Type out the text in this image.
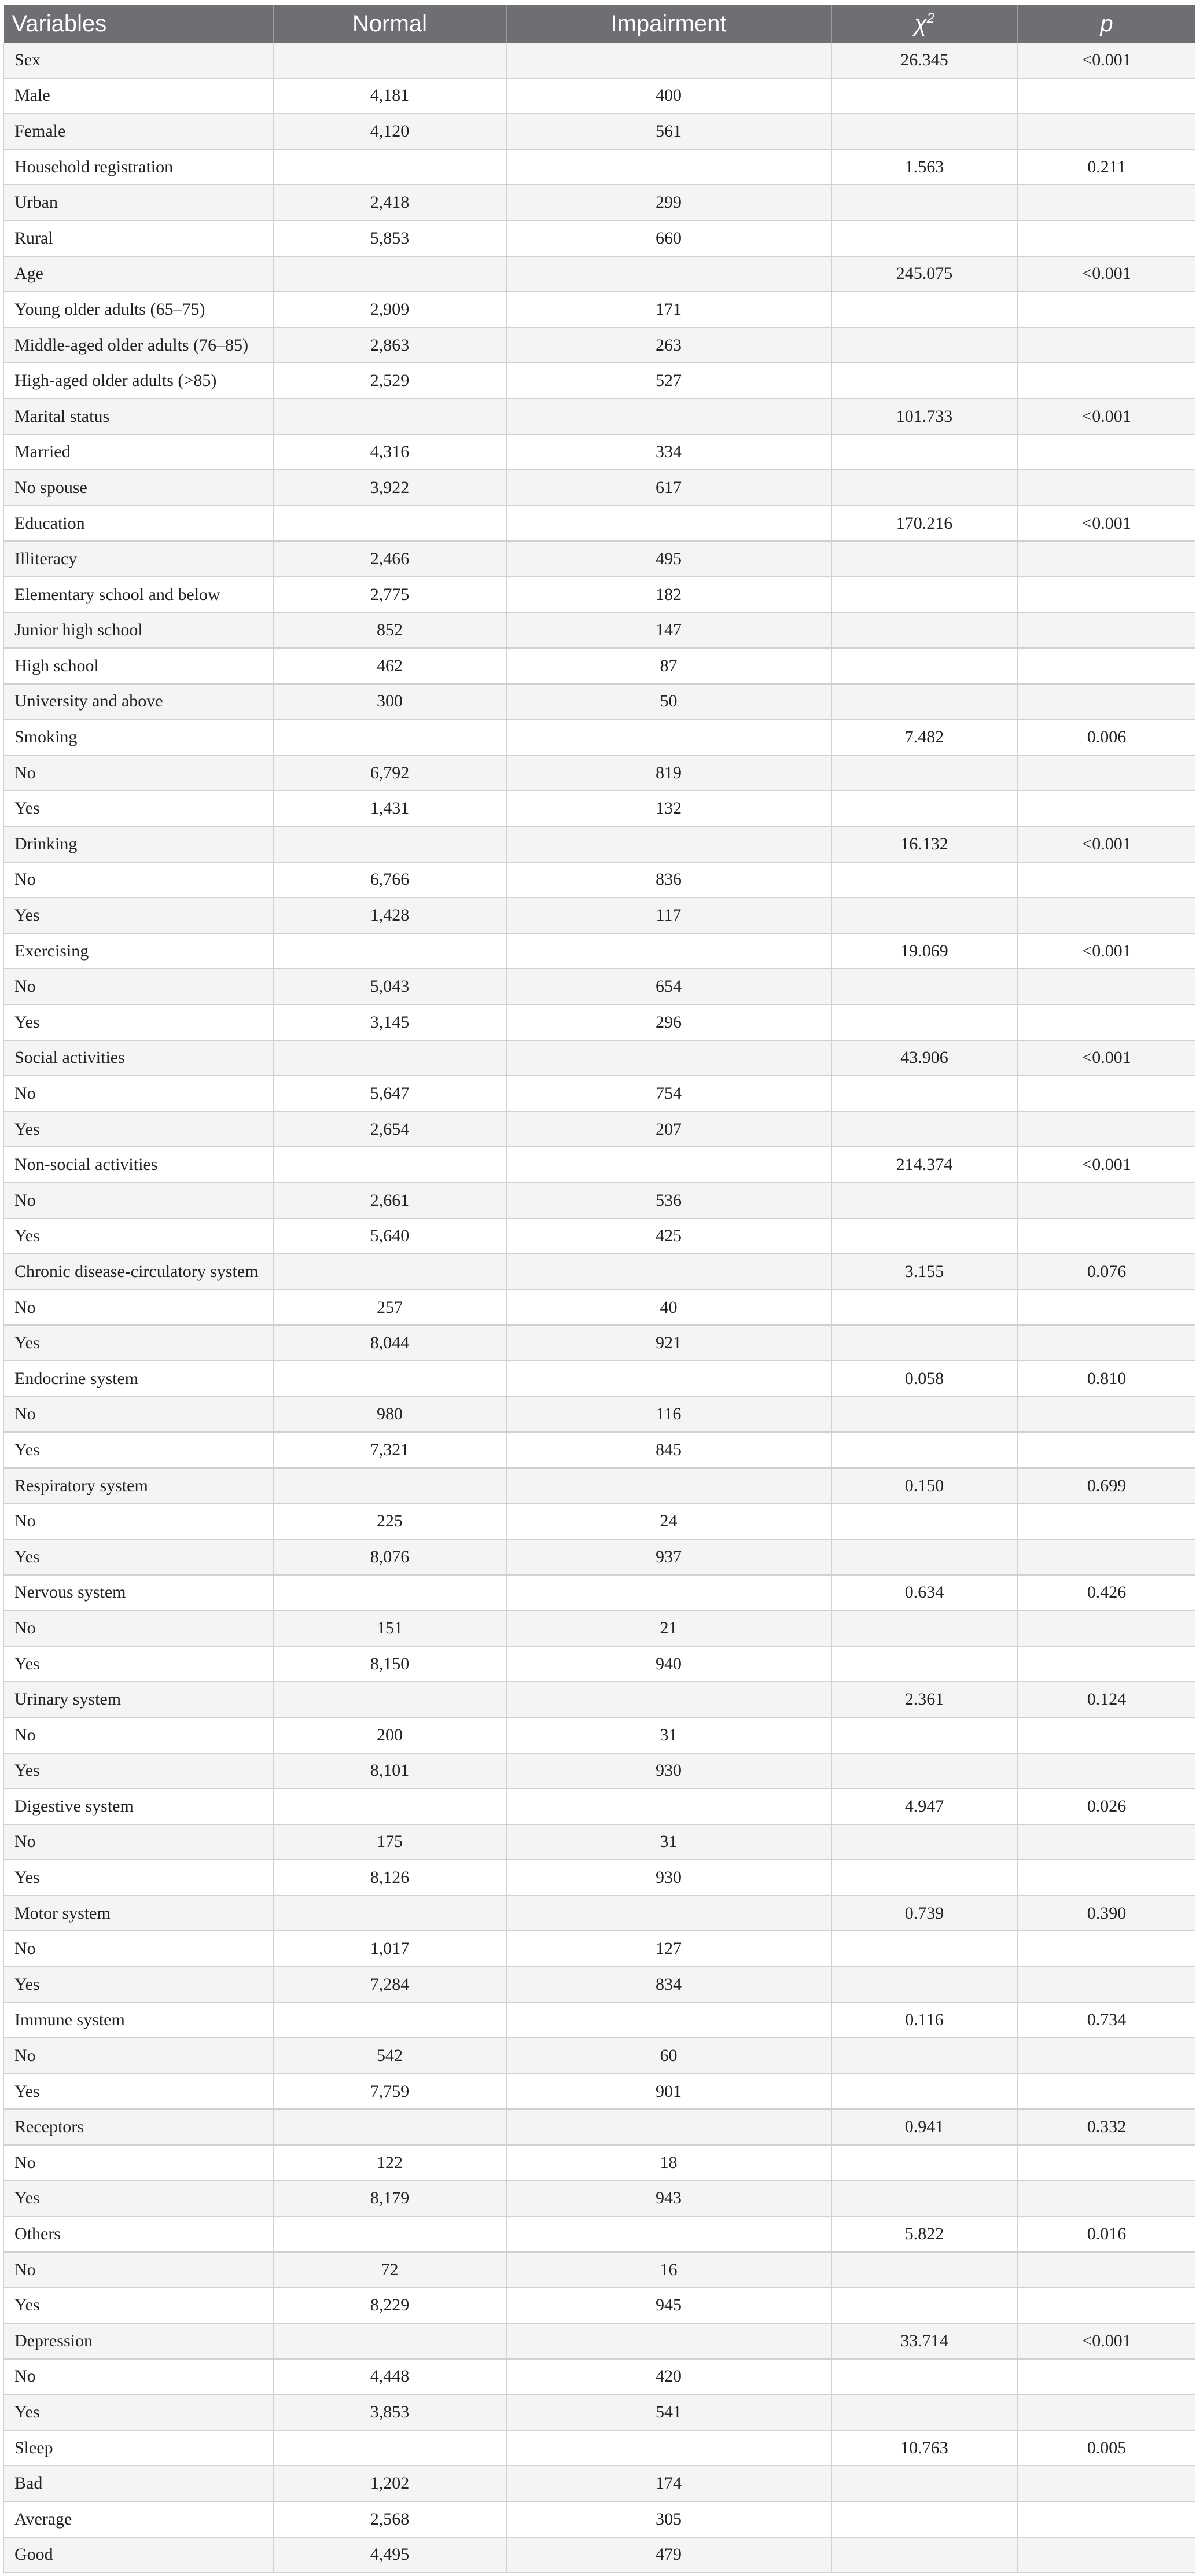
Variables	Normal	Impairment	$\chi^2$	p
Sex			26.345	<0.001
Male	4,181	400		
Female	4,120	561		
Household registration			1.563	0.211
Urban	2,418	299		
Rural	5,853	660		
Age			245.075	<0.001
Young older adults (65–75)	2,909	171		
Middle-aged older adults (76–85)	2,863	263		
High-aged older adults (>85)	2,529	527		
Marital status			101.733	<0.001
Married	4,316	334		
No spouse	3,922	617		
Education			170.216	<0.001
Illiteracy	2,466	495		
Elementary school and below	2,775	182		
Junior high school	852	147		
High school	462	87		
University and above	300	50		
Smoking			7.482	0.006
No	6,792	819		
Yes	1,431	132		
Drinking			16.132	<0.001
No	6,766	836		
Yes	1,428	117		
Exercising			19.069	<0.001
No	5,043	654		
Yes	3,145	296		
Social activities			43.906	<0.001
No	5,647	754		
Yes	2,654	207		
Non-social activities			214.374	<0.001
No	2,661	536		
Yes	5,640	425		
Chronic disease-circulatory system			3.155	0.076
No	257	40		
Yes	8,044	921		
Endocrine system			0.058	0.810
No	980	116		
Yes	7,321	845		
Respiratory system			0.150	0.699
No	225	24		
Yes	8,076	937		
Nervous system			0.634	0.426
No	151	21		
Yes	8,150	940		
Urinary system			2.361	0.124
No	200	31		
Yes	8,101	930		
Digestive system			4.947	0.026
No	175	31		
Yes	8,126	930		
Motor system			0.739	0.390
No	1,017	127		
Yes	7,284	834		
Immune system			0.116	0.734
No	542	60		
Yes	7,759	901		
Receptors			0.941	0.332
No	122	18		
Yes	8,179	943		
Others			5.822	0.016
No	72	16		
Yes	8,229	945		
Depression			33.714	<0.001
No	4,448	420		
Yes	3,853	541		
Sleep			10.763	0.005
Bad	1,202	174		
Average	2,568	305		
Good	4,495	479		
